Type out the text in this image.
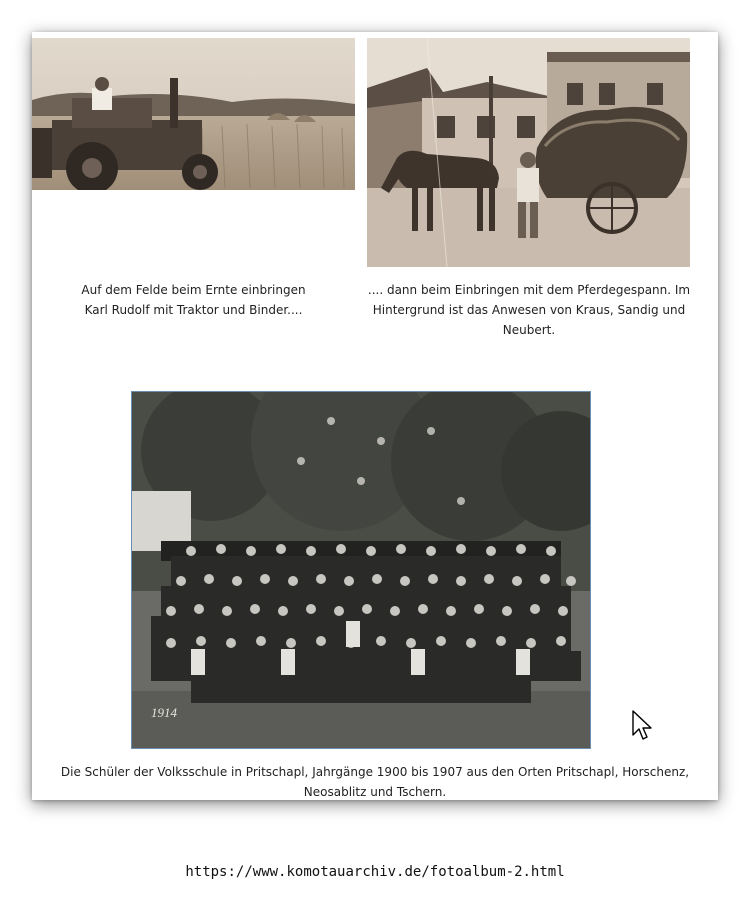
Auf dem Felde beim Ernte einbringen
Karl Rudolf mit Traktor und Binder....
.... dann beim Einbringen mit dem Pferdegespann. Im Hintergrund ist das Anwesen von Kraus, Sandig und Neubert.
1914
Die Schüler der Volksschule in Pritschapl, Jahrgänge 1900 bis 1907 aus den Orten Pritschapl, Horschenz, Neosablitz und Tschern.
https://www.komotauarchiv.de/fotoalbum-2.html
